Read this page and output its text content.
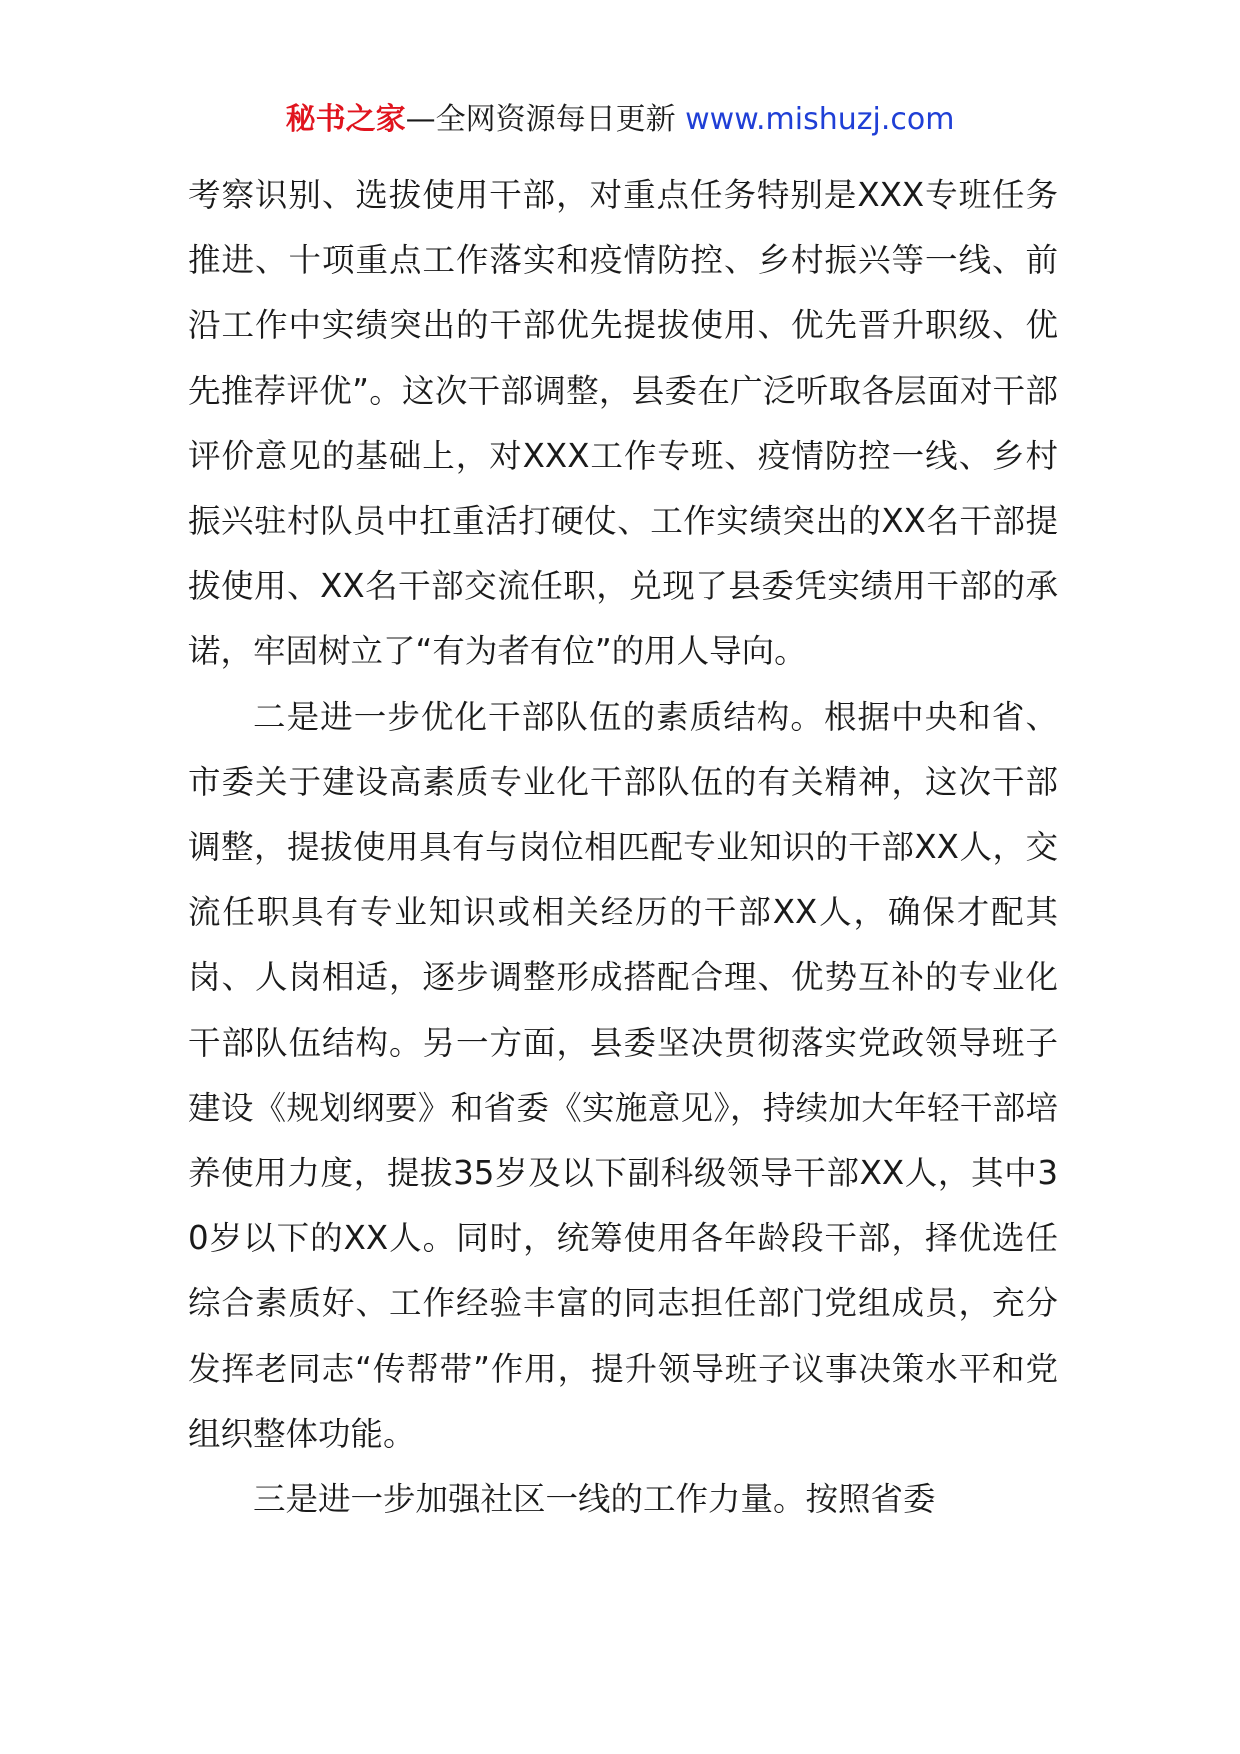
秘书之家—全网资源每日更新 www.mishuzj.com

考察识别、选拔使用干部，对重点任务特别是XXX专班任务推进、十项重点工作落实和疫情防控、乡村振兴等一线、前沿工作中实绩突出的干部优先提拔使用、优先晋升职级、优先推荐评优”。这次干部调整，县委在广泛听取各层面对干部评价意见的基础上，对XXX工作专班、疫情防控一线、乡村振兴驻村队员中扛重活打硬仗、工作实绩突出的XX名干部提拔使用、XX名干部交流任职，兑现了县委凭实绩用干部的承诺，牢固树立了“有为者有位”的用人导向。

二是进一步优化干部队伍的素质结构。根据中央和省、市委关于建设高素质专业化干部队伍的有关精神，这次干部调整，提拔使用具有与岗位相匹配专业知识的干部XX人，交流任职具有专业知识或相关经历的干部XX人，确保才配其岗、人岗相适，逐步调整形成搭配合理、优势互补的专业化干部队伍结构。另一方面，县委坚决贯彻落实党政领导班子建设《规划纲要》和省委《实施意见》，持续加大年轻干部培养使用力度，提拔35岁及以下副科级领导干部XX人，其中30岁以下的XX人。同时，统筹使用各年龄段干部，择优选任综合素质好、工作经验丰富的同志担任部门党组成员，充分发挥老同志“传帮带”作用，提升领导班子议事决策水平和党组织整体功能。

三是进一步加强社区一线的工作力量。按照省委
